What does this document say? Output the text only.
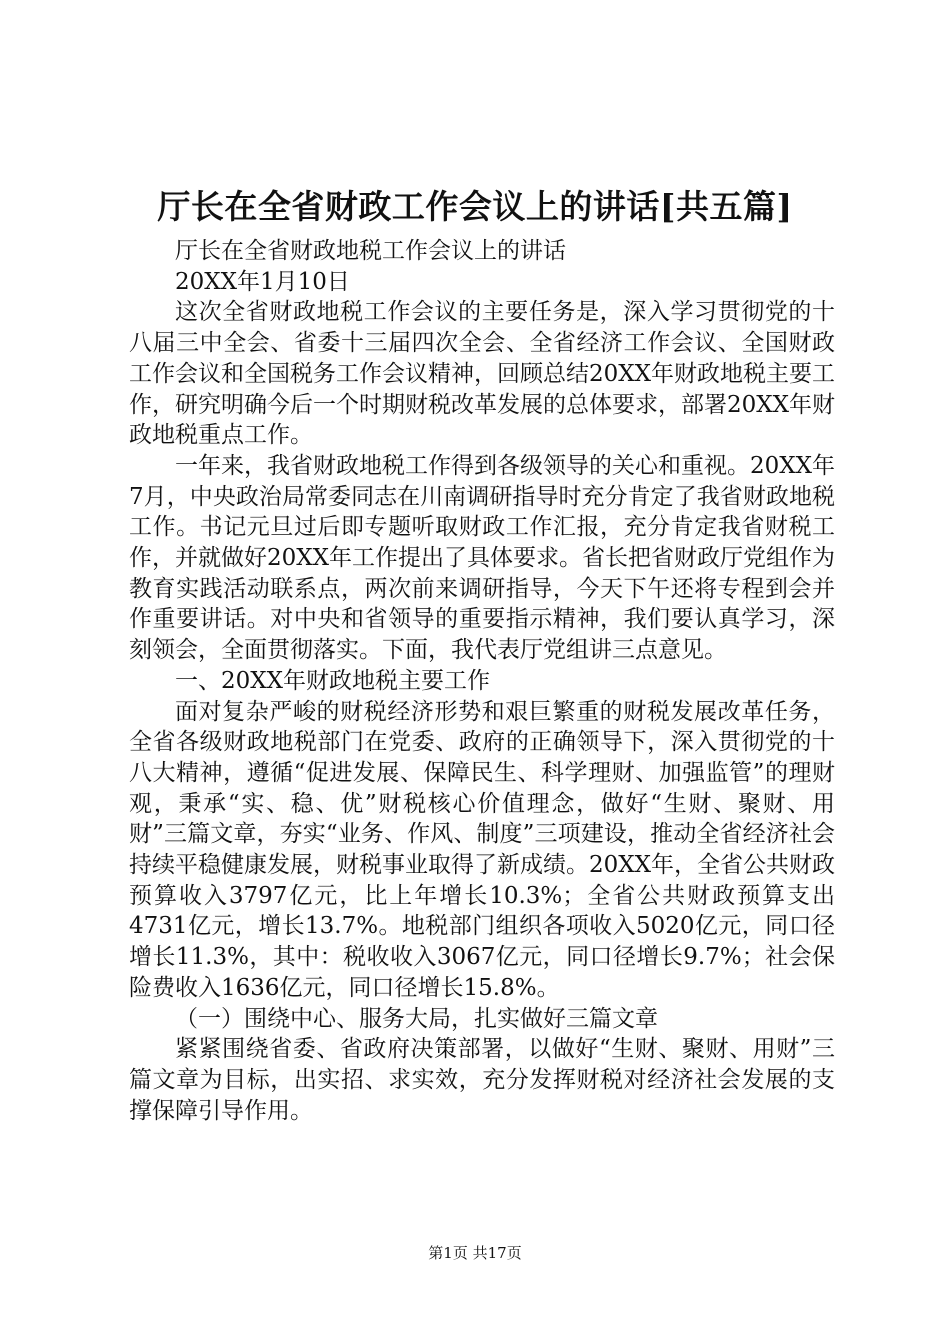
厅长在全省财政工作会议上的讲话[共五篇]

厅长在全省财政地税工作会议上的讲话

20XX年1月10日

这次全省财政地税工作会议的主要任务是，深入学习贯彻党的十八届三中全会、省委十三届四次全会、全省经济工作会议、全国财政工作会议和全国税务工作会议精神，回顾总结20XX年财政地税主要工作，研究明确今后一个时期财税改革发展的总体要求，部署20XX年财政地税重点工作。

一年来，我省财政地税工作得到各级领导的关心和重视。20XX年7月，中央政治局常委同志在川南调研指导时充分肯定了我省财政地税工作。书记元旦过后即专题听取财政工作汇报，充分肯定我省财税工作，并就做好20XX年工作提出了具体要求。省长把省财政厅党组作为教育实践活动联系点，两次前来调研指导，今天下午还将专程到会并作重要讲话。对中央和省领导的重要指示精神，我们要认真学习，深刻领会，全面贯彻落实。下面，我代表厅党组讲三点意见。

一、20XX年财政地税主要工作

面对复杂严峻的财税经济形势和艰巨繁重的财税发展改革任务，全省各级财政地税部门在党委、政府的正确领导下，深入贯彻党的十八大精神，遵循“促进发展、保障民生、科学理财、加强监管”的理财观，秉承“实、稳、优”财税核心价值理念，做好“生财、聚财、用财”三篇文章，夯实“业务、作风、制度”三项建设，推动全省经济社会持续平稳健康发展，财税事业取得了新成绩。20XX年，全省公共财政预算收入3797亿元，比上年增长10.3%；全省公共财政预算支出4731亿元，增长13.7%。地税部门组织各项收入5020亿元，同口径增长11.3%，其中：税收收入3067亿元，同口径增长9.7%；社会保险费收入1636亿元，同口径增长15.8%。

（一）围绕中心、服务大局，扎实做好三篇文章

紧紧围绕省委、省政府决策部署，以做好“生财、聚财、用财”三篇文章为目标，出实招、求实效，充分发挥财税对经济社会发展的支撑保障引导作用。

第1页 共17页
